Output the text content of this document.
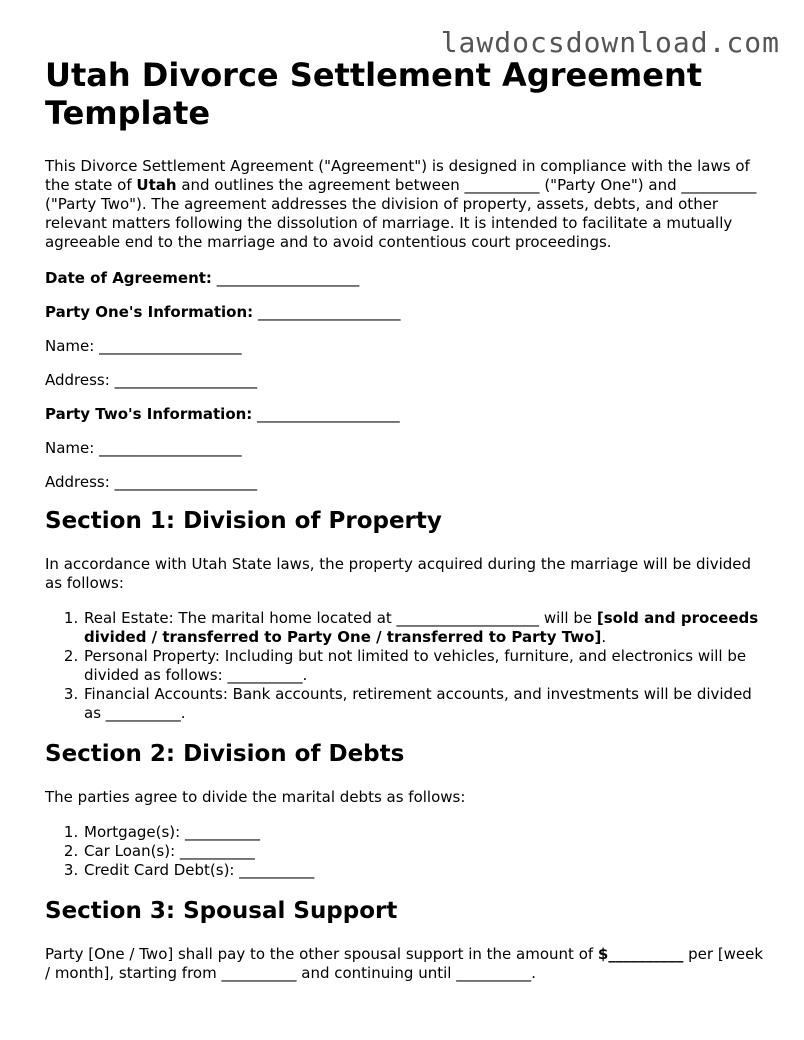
lawdocsdownload.com
Utah Divorce Settlement Agreement Template

This Divorce Settlement Agreement ("Agreement") is designed in compliance with the laws of the state of Utah and outlines the agreement between __________ ("Party One") and __________ ("Party Two"). The agreement addresses the division of property, assets, debts, and other relevant matters following the dissolution of marriage. It is intended to facilitate a mutually agreeable end to the marriage and to avoid contentious court proceedings.

Date of Agreement: ___________________

Party One's Information: ___________________

Name: ___________________

Address: ___________________

Party Two's Information: ___________________

Name: ___________________

Address: ___________________

Section 1: Division of Property

In accordance with Utah State laws, the property acquired during the marriage will be divided as follows:

1. Real Estate: The marital home located at ___________________ will be [sold and proceeds divided / transferred to Party One / transferred to Party Two].
2. Personal Property: Including but not limited to vehicles, furniture, and electronics will be divided as follows: __________.
3. Financial Accounts: Bank accounts, retirement accounts, and investments will be divided as __________.
Section 2: Division of Debts

The parties agree to divide the marital debts as follows:

1. Mortgage(s): __________
2. Car Loan(s): __________
3. Credit Card Debt(s): __________
Section 3: Spousal Support

Party [One / Two] shall pay to the other spousal support in the amount of $__________ per [week / month], starting from __________ and continuing until __________.
